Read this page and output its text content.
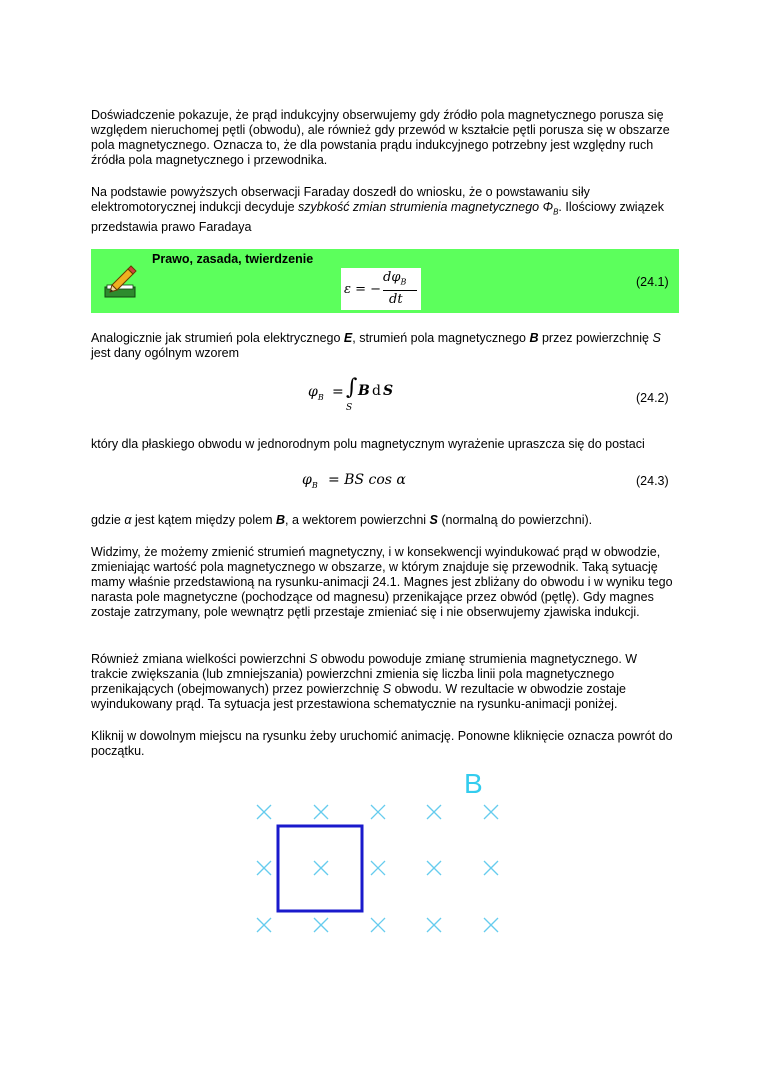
Doświadczenie pokazuje, że prąd indukcyjny obserwujemy gdy źródło pola magnetycznego porusza się względem nieruchomej pętli (obwodu), ale również gdy przewód w kształcie pętli porusza się w obszarze pola magnetycznego. Oznacza to, że dla powstania prądu indukcyjnego potrzebny jest względny ruch źródła pola magnetycznego i przewodnika.

Na podstawie powyższych obserwacji Faraday doszedł do wniosku, że o powstawaniu siły elektromotorycznej indukcji decyduje szybkość zmian strumienia magnetycznego $\Phi_B$. Ilościowy związek przedstawia prawo Faradaya

Prawo, zasada, twierdzenie
ε = −
$d\varphi_B$
dt
(24.1)

Analogicznie jak strumień pola elektrycznego E, strumień pola magnetycznego B przez powierzchnię S jest dany ogólnym wzorem

$\varphi_B$ = ∫
S
B d S	(24.2)

który dla płaskiego obwodu w jednorodnym polu magnetycznym wyrażenie upraszcza się do postaci

$\varphi_B$ = BS cos α	(24.3)

gdzie α jest kątem między polem B, a wektorem powierzchni S (normalną do powierzchni).

Widzimy, że możemy zmienić strumień magnetyczny, i w konsekwencji wyindukować prąd w obwodzie, zmieniając wartość pola magnetycznego w obszarze, w którym znajduje się przewodnik. Taką sytuację mamy właśnie przedstawioną na rysunku-animacji 24.1. Magnes jest zbliżany do obwodu i w wyniku tego narasta pole magnetyczne (pochodzące od magnesu) przenikające przez obwód (pętlę). Gdy magnes zostaje zatrzymany, pole wewnątrz pętli przestaje zmieniać się i nie obserwujemy zjawiska indukcji.

Również zmiana wielkości powierzchni S obwodu powoduje zmianę strumienia magnetycznego. W trakcie zwiększania (lub zmniejszania) powierzchni zmienia się liczba linii pola magnetycznego przenikających (obejmowanych) przez powierzchnię S obwodu. W rezultacie w obwodzie zostaje wyindukowany prąd. Ta sytuacja jest przestawiona schematycznie na rysunku-animacji poniżej.

Kliknij w dowolnym miejscu na rysunku żeby uruchomić animację. Ponowne kliknięcie oznacza powrót do początku.

B
